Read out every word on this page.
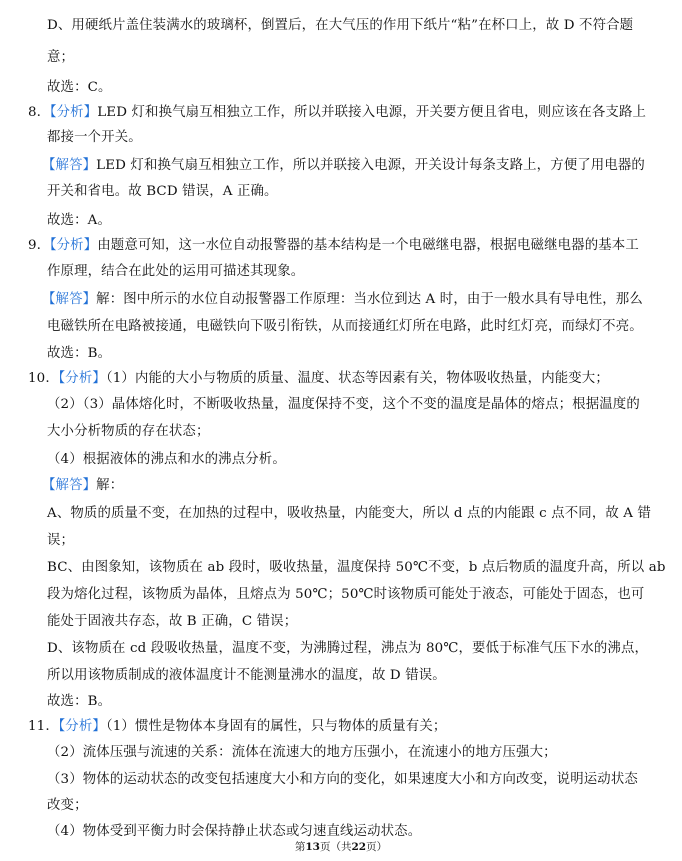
D、用硬纸片盖住装满水的玻璃杯，倒置后，在大气压的作用下纸片“粘”在杯口上，故 D 不符合题
意；
故选：C。
8. 【分析】LED 灯和换气扇互相独立工作，所以并联接入电源，开关要方便且省电，则应该在各支路上
都接一个开关。
【解答】LED 灯和换气扇互相独立工作，所以并联接入电源，开关设计每条支路上，方便了用电器的
开关和省电。故 BCD 错误，A 正确。
故选：A。
9. 【分析】由题意可知，这一水位自动报警器的基本结构是一个电磁继电器，根据电磁继电器的基本工
作原理，结合在此处的运用可描述其现象。
【解答】解：图中所示的水位自动报警器工作原理：当水位到达 A 时，由于一般水具有导电性，那么
电磁铁所在电路被接通，电磁铁向下吸引衔铁，从而接通红灯所在电路，此时红灯亮，而绿灯不亮。
故选：B。
10. 【分析】（1）内能的大小与物质的质量、温度、状态等因素有关，物体吸收热量，内能变大；
（2）（3）晶体熔化时，不断吸收热量，温度保持不变，这个不变的温度是晶体的熔点；根据温度的
大小分析物质的存在状态；
（4）根据液体的沸点和水的沸点分析。
【解答】解：
A、物质的质量不变，在加热的过程中，吸收热量，内能变大，所以 d 点的内能跟 c 点不同，故 A 错
误；
BC、由图象知，该物质在 ab 段时，吸收热量，温度保持 50℃不变，b 点后物质的温度升高，所以 ab
段为熔化过程，该物质为晶体，且熔点为 50℃；50℃时该物质可能处于液态，可能处于固态，也可
能处于固液共存态，故 B 正确，C 错误；
D、该物质在 cd 段吸收热量，温度不变，为沸腾过程，沸点为 80℃，要低于标准气压下水的沸点，
所以用该物质制成的液体温度计不能测量沸水的温度，故 D 错误。
故选：B。
11. 【分析】（1）惯性是物体本身固有的属性，只与物体的质量有关；
（2）流体压强与流速的关系：流体在流速大的地方压强小，在流速小的地方压强大；
（3）物体的运动状态的改变包括速度大小和方向的变化，如果速度大小和方向改变，说明运动状态
改变；
（4）物体受到平衡力时会保持静止状态或匀速直线运动状态。
第13页（共22页）
